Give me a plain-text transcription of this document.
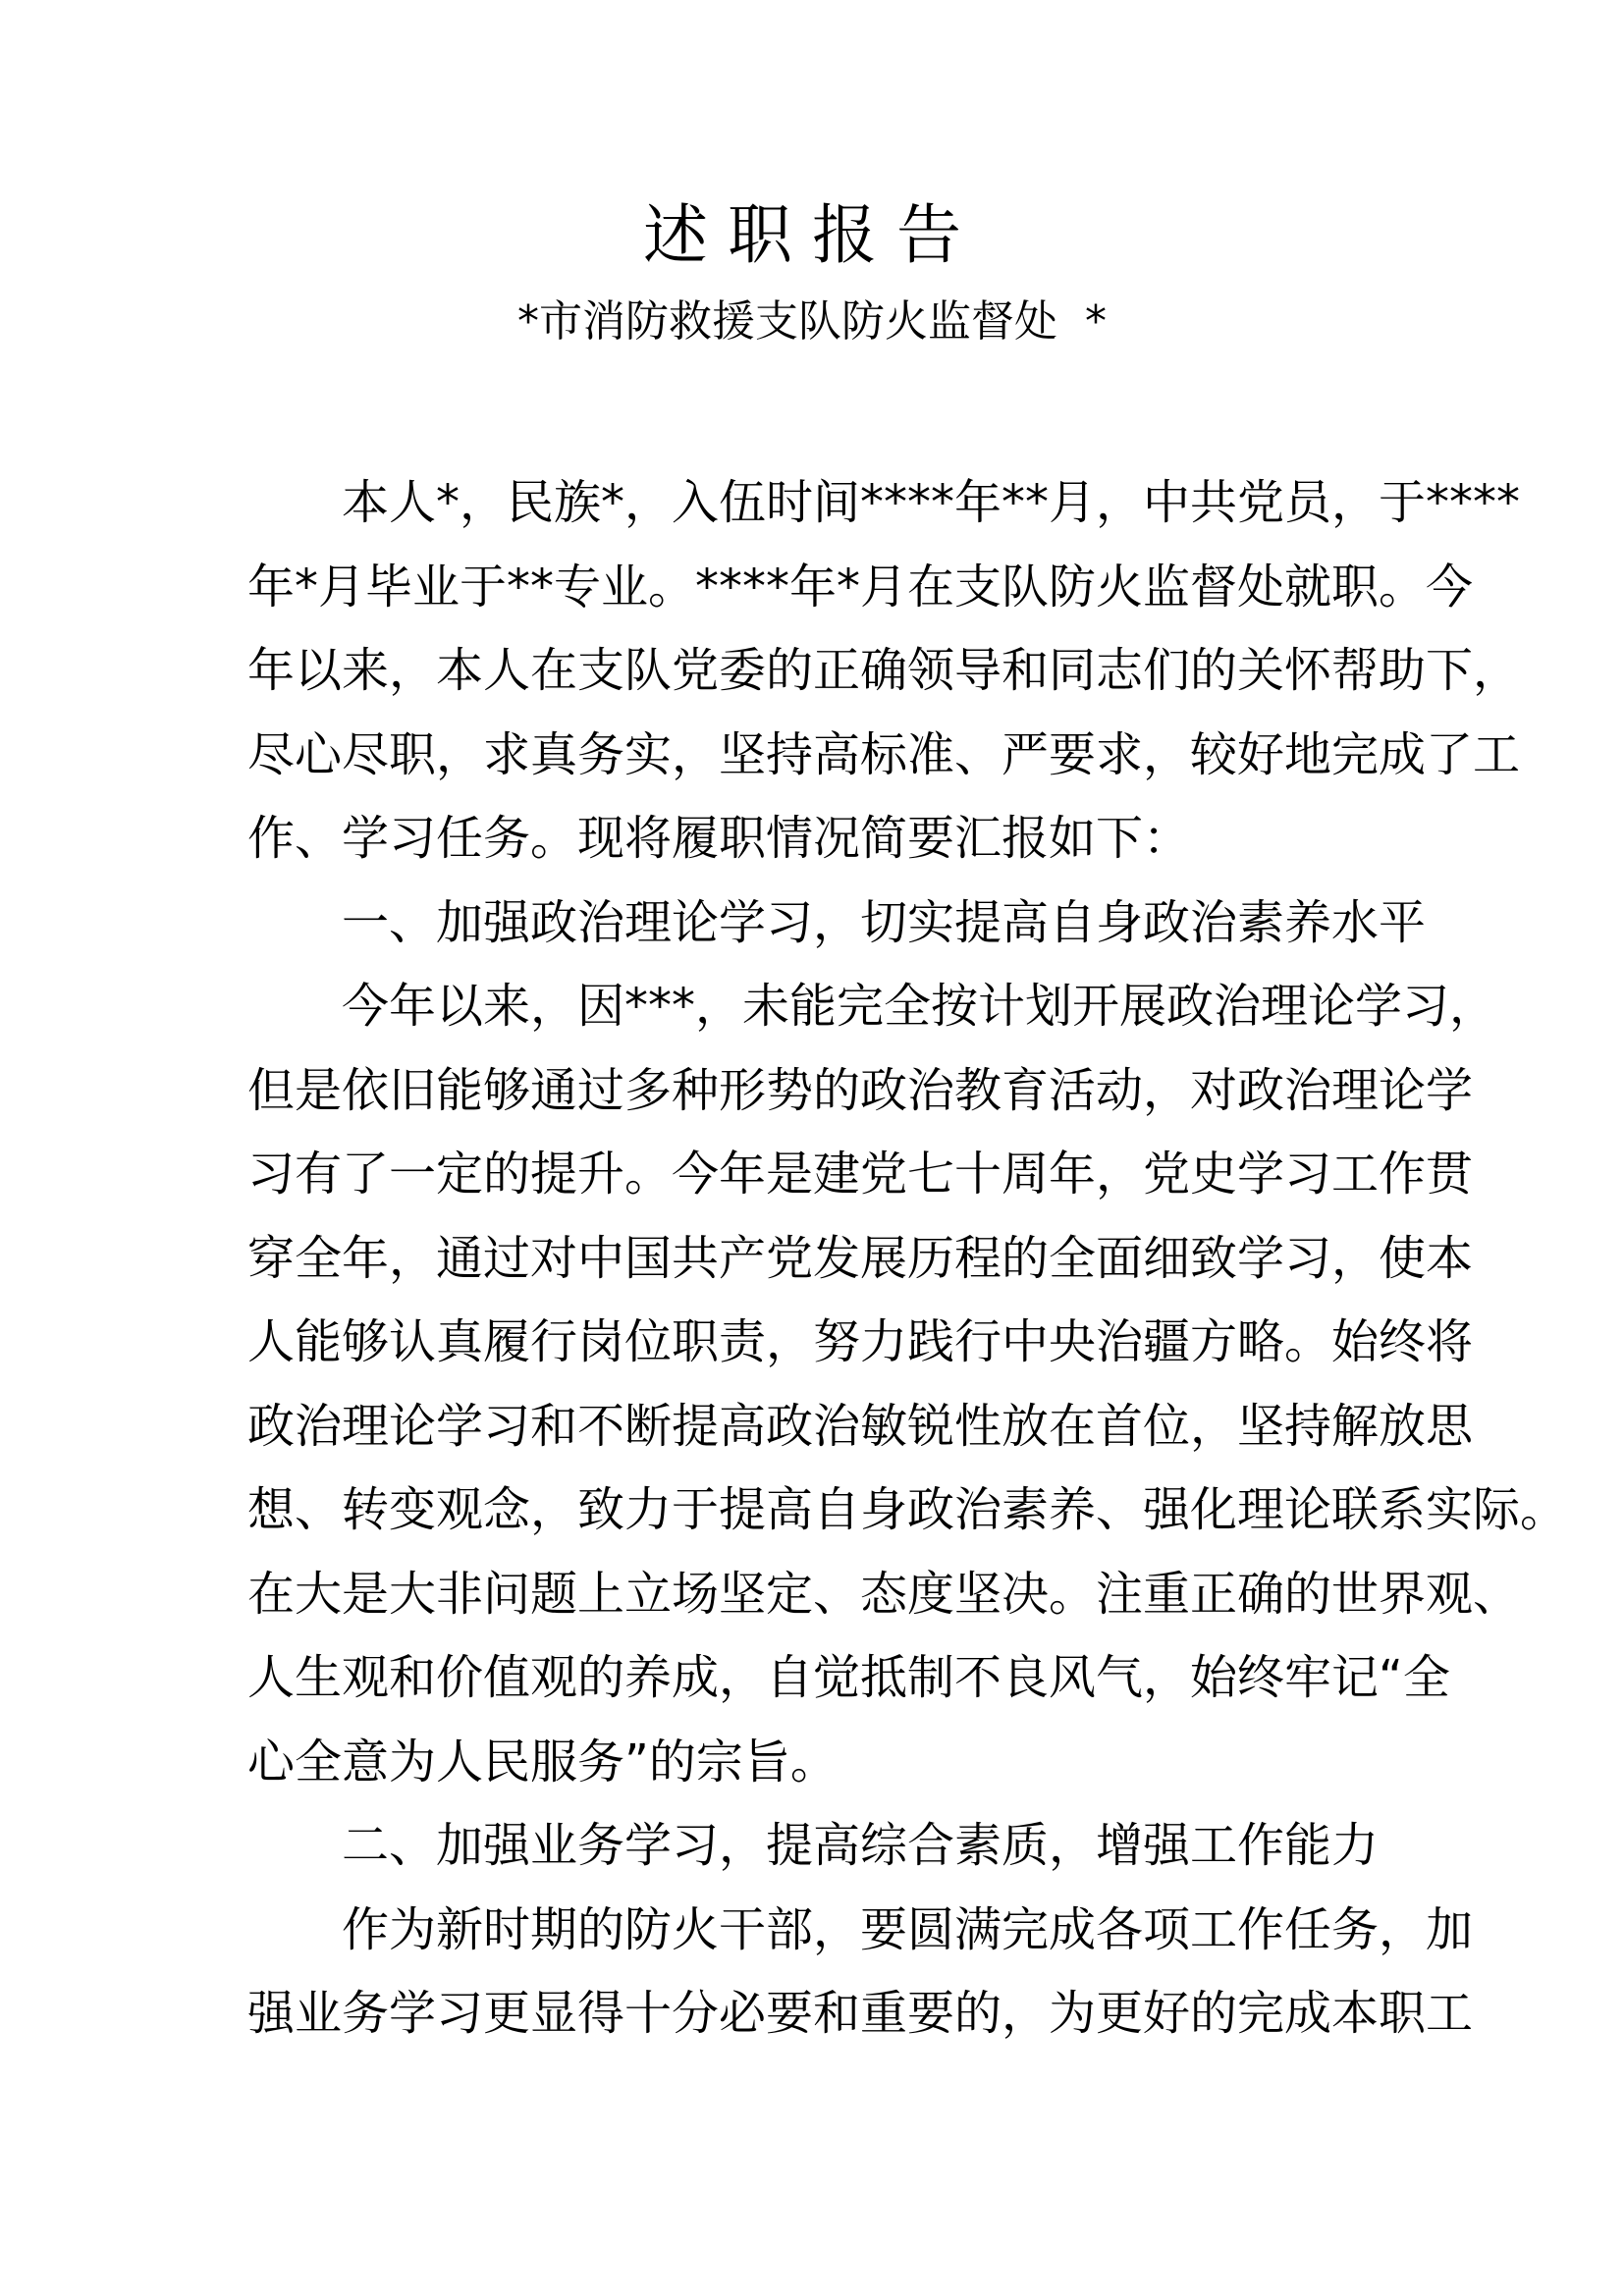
述职报告
*市消防救援支队防火监督处  *
本人*，民族*，入伍时间****年**月，中共党员，于****
年*月毕业于**专业。****年*月在支队防火监督处就职。今
年以来，本人在支队党委的正确领导和同志们的关怀帮助下，
尽心尽职，求真务实，坚持高标准、严要求，较好地完成了工
作、学习任务。现将履职情况简要汇报如下：
一、加强政治理论学习，切实提高自身政治素养水平
今年以来，因***，未能完全按计划开展政治理论学习，
但是依旧能够通过多种形势的政治教育活动，对政治理论学
习有了一定的提升。今年是建党七十周年，党史学习工作贯
穿全年，通过对中国共产党发展历程的全面细致学习，使本
人能够认真履行岗位职责，努力践行中央治疆方略。始终将
政治理论学习和不断提高政治敏锐性放在首位，坚持解放思
想、转变观念，致力于提高自身政治素养、强化理论联系实际。
在大是大非问题上立场坚定、态度坚决。注重正确的世界观、
人生观和价值观的养成，自觉抵制不良风气，始终牢记“全
心全意为人民服务”的宗旨。
二、加强业务学习，提高综合素质，增强工作能力
作为新时期的防火干部，要圆满完成各项工作任务，加
强业务学习更显得十分必要和重要的，为更好的完成本职工
